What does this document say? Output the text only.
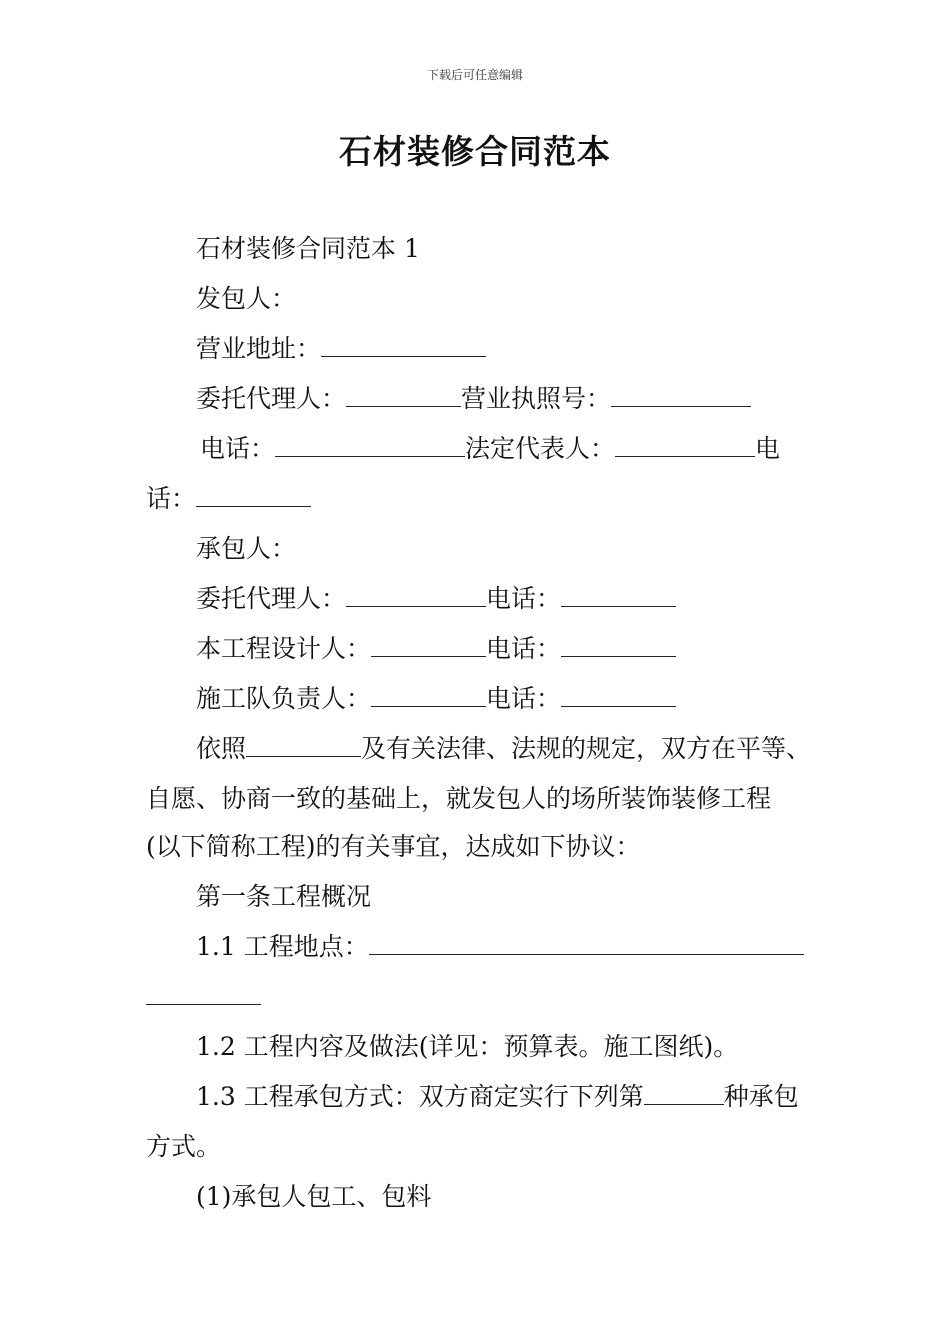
下载后可任意编辑
石材装修合同范本
石材装修合同范本 1
发包人：
营业地址：
委托代理人：	营业执照号：
电话：	法定代表人：	电
话：
承包人：
委托代理人：	电话：
本工程设计人：	电话：
施工队负责人：	电话：
依照	及有关法律、法规的规定，双方在平等、
自愿、协商一致的基础上，就发包人的场所装饰装修工程
(以下简称工程)的有关事宜，达成如下协议：
第一条工程概况
1.1 工程地点：
1.2 工程内容及做法(详见：预算表。施工图纸)。
1.3 工程承包方式：双方商定实行下列第	种承包
方式。
(1)承包人包工、包料
